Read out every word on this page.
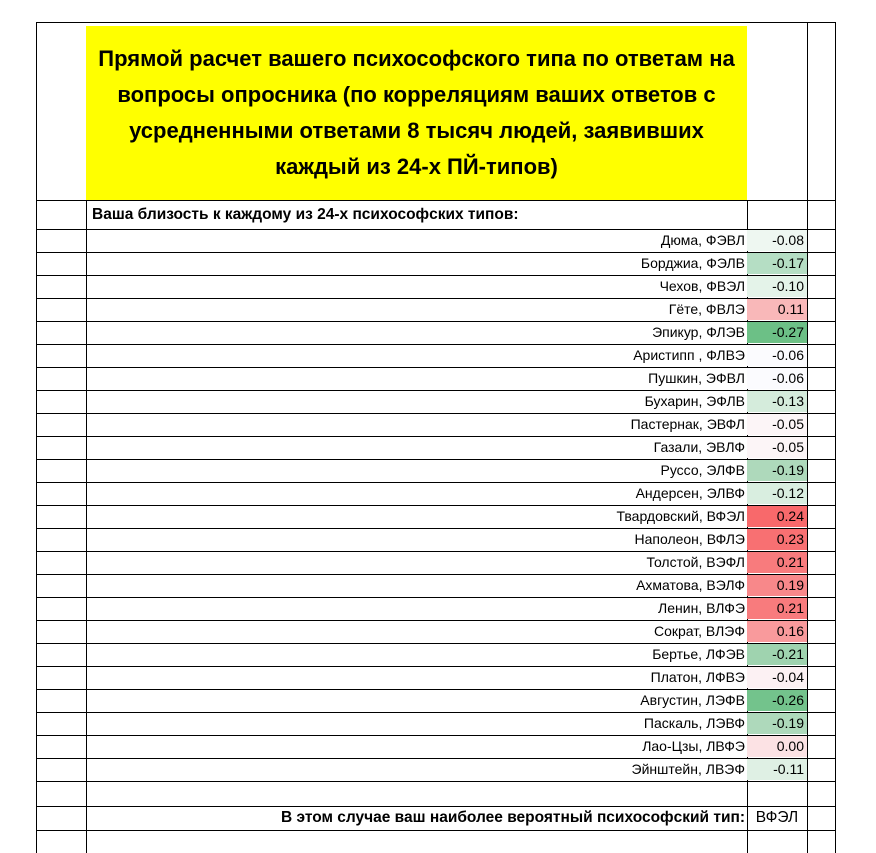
Прямой расчет вашего психософского типа по ответам на вопросы опросника (по корреляциям ваших ответов с усредненными ответами 8 тысяч людей, заявивших каждый из 24-х ПЙ-типов)
Ваша близость к каждому из 24-х психософских типов:
-0.08
Дюма, ФЭВЛ
-0.17
Борджиа, ФЭЛВ
-0.10
Чехов, ФВЭЛ
0.11
Гёте, ФВЛЭ
-0.27
Эпикур, ФЛЭВ
-0.06
Аристипп , ФЛВЭ
-0.06
Пушкин, ЭФВЛ
-0.13
Бухарин, ЭФЛВ
-0.05
Пастернак, ЭВФЛ
-0.05
Газали, ЭВЛФ
-0.19
Руссо, ЭЛФВ
-0.12
Андерсен, ЭЛВФ
0.24
Твардовский, ВФЭЛ
0.23
Наполеон, ВФЛЭ
0.21
Толстой, ВЭФЛ
0.19
Ахматова, ВЭЛФ
0.21
Ленин, ВЛФЭ
0.16
Сократ, ВЛЭФ
-0.21
Бертье, ЛФЭВ
-0.04
Платон, ЛФВЭ
-0.26
Августин, ЛЭФВ
-0.19
Паскаль, ЛЭВФ
0.00
Лао-Цзы, ЛВФЭ
-0.11
Эйнштейн, ЛВЭФ
В этом случае ваш наиболее вероятный психософский тип: ВФЭЛ
